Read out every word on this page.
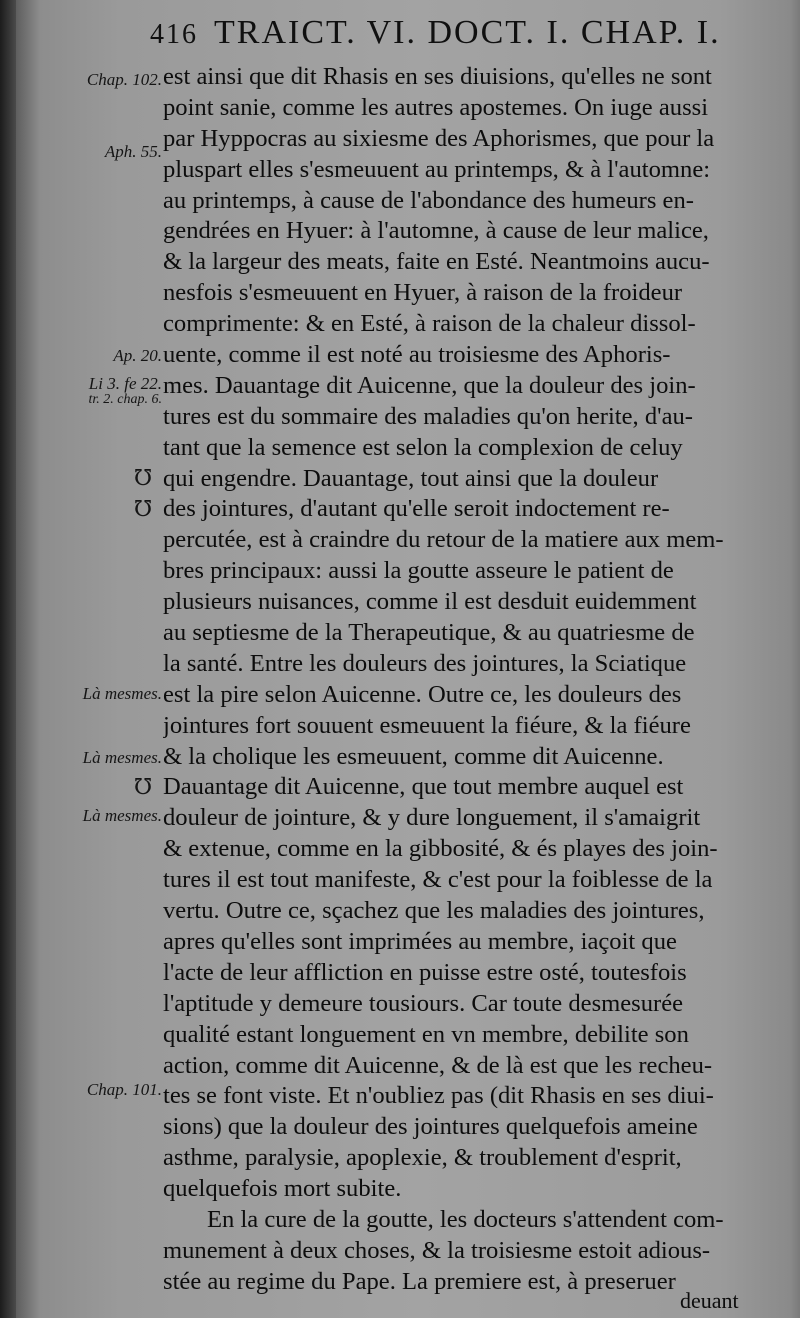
416 TRAICT. VI. DOCT. I. CHAP. I.
Chap. 102.
Aph. 55.
Ap. 20.
Li 3. fe 22.
tr. 2. chap. 6.
Là mesmes.
Là mesmes.
Là mesmes.
Chap. 101.
℧
℧
℧
est ainsi que dit Rhasis en ses diuisions, qu'elles ne sont
point sanie, comme les autres apostemes. On iuge aussi
par Hyppocras au sixiesme des Aphorismes, que pour la
pluspart elles s'esmeuuent au printemps, & à l'automne:
au printemps, à cause de l'abondance des humeurs en-
gendrées en Hyuer: à l'automne, à cause de leur malice,
& la largeur des meats, faite en Esté. Neantmoins aucu-
nesfois s'esmeuuent en Hyuer, à raison de la froideur
comprimente: & en Esté, à raison de la chaleur dissol-
uente, comme il est noté au troisiesme des Aphoris-
mes. Dauantage dit Auicenne, que la douleur des join-
tures est du sommaire des maladies qu'on herite, d'au-
tant que la semence est selon la complexion de celuy
qui engendre. Dauantage, tout ainsi que la douleur
des jointures, d'autant qu'elle seroit indoctement re-
percutée, est à craindre du retour de la matiere aux mem-
bres principaux: aussi la goutte asseure le patient de
plusieurs nuisances, comme il est desduit euidemment
au septiesme de la Therapeutique, & au quatriesme de
la santé. Entre les douleurs des jointures, la Sciatique
est la pire selon Auicenne. Outre ce, les douleurs des
jointures fort souuent esmeuuent la fiéure, & la fiéure
& la cholique les esmeuuent, comme dit Auicenne.
Dauantage dit Auicenne, que tout membre auquel est
douleur de jointure, & y dure longuement, il s'amaigrit
& extenue, comme en la gibbosité, & és playes des join-
tures il est tout manifeste, & c'est pour la foiblesse de la
vertu. Outre ce, sçachez que les maladies des jointures,
apres qu'elles sont imprimées au membre, iaçoit que
l'acte de leur affliction en puisse estre osté, toutesfois
l'aptitude y demeure tousiours. Car toute desmesurée
qualité estant longuement en vn membre, debilite son
action, comme dit Auicenne, & de là est que les recheu-
tes se font viste. Et n'oubliez pas (dit Rhasis en ses diui-
sions) que la douleur des jointures quelquefois ameine
asthme, paralysie, apoplexie, & troublement d'esprit,
quelquefois mort subite.
En la cure de la goutte, les docteurs s'attendent com-
munement à deux choses, & la troisiesme estoit adious-
stée au regime du Pape. La premiere est, à preseruer
deuant
